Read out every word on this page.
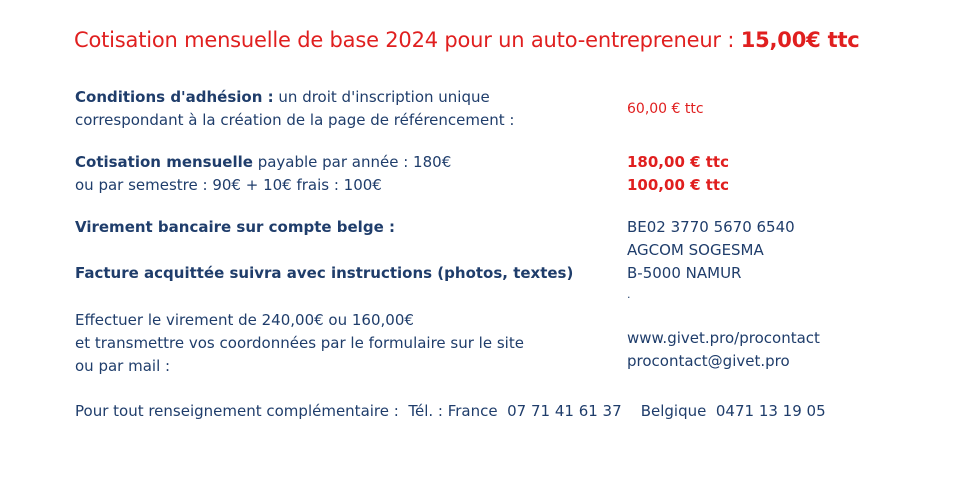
Cotisation mensuelle de base 2024 pour un auto-entrepreneur : 15,00€ ttc
Conditions d'adhésion : un droit d'inscription unique
correspondant à la création de la page de référencement :
60,00 € ttc
Cotisation mensuelle payable par année : 180€
ou par semestre : 90€ + 10€ frais : 100€
180,00 € ttc
100,00 € ttc
Virement bancaire sur compte belge :	BE02 3770 5670 6540
AGCOM SOGESMA
B-5000 NAMUR
.
Facture acquittée suivra avec instructions (photos, textes)
Effectuer le virement de 240,00€ ou 160,00€
et transmettre vos coordonnées par le formulaire sur le site
ou par mail :
www.givet.pro/procontact
procontact@givet.pro
Pour tout renseignement complémentaire :  Tél. : France  07 71 41 61 37    Belgique  0471 13 19 05
